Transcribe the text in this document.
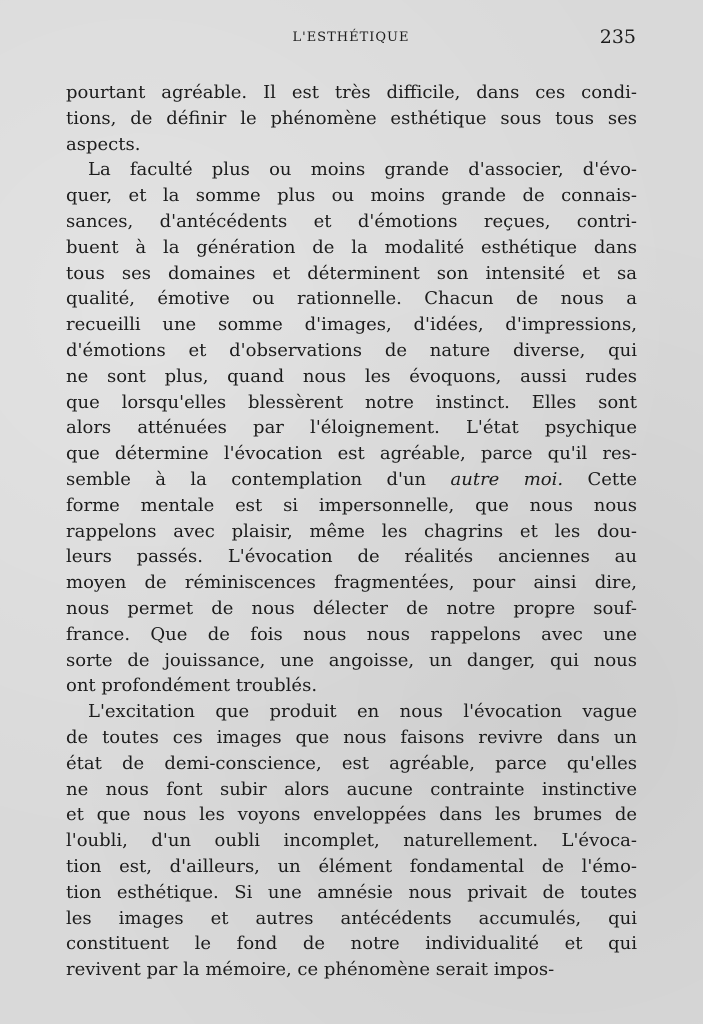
L'ESTHÉTIQUE	235
pourtant agréable. Il est très difficile, dans ces condi-
tions, de définir le phénomène esthétique sous tous ses
aspects.
La faculté plus ou moins grande d'associer, d'évo-
quer, et la somme plus ou moins grande de connais-
sances, d'antécédents et d'émotions reçues, contri-
buent à la génération de la modalité esthétique dans
tous ses domaines et déterminent son intensité et sa
qualité, émotive ou rationnelle. Chacun de nous a
recueilli une somme d'images, d'idées, d'impressions,
d'émotions et d'observations de nature diverse, qui
ne sont plus, quand nous les évoquons, aussi rudes
que lorsqu'elles blessèrent notre instinct. Elles sont
alors atténuées par l'éloignement. L'état psychique
que détermine l'évocation est agréable, parce qu'il res-
semble à la contemplation d'un autre moi. Cette
forme mentale est si impersonnelle, que nous nous
rappelons avec plaisir, même les chagrins et les dou-
leurs passés. L'évocation de réalités anciennes au
moyen de réminiscences fragmentées, pour ainsi dire,
nous permet de nous délecter de notre propre souf-
france. Que de fois nous nous rappelons avec une
sorte de jouissance, une angoisse, un danger, qui nous
ont profondément troublés.
L'excitation que produit en nous l'évocation vague
de toutes ces images que nous faisons revivre dans un
état de demi-conscience, est agréable, parce qu'elles
ne nous font subir alors aucune contrainte instinctive
et que nous les voyons enveloppées dans les brumes de
l'oubli, d'un oubli incomplet, naturellement. L'évoca-
tion est, d'ailleurs, un élément fondamental de l'émo-
tion esthétique. Si une amnésie nous privait de toutes
les images et autres antécédents accumulés, qui
constituent le fond de notre individualité et qui
revivent par la mémoire, ce phénomène serait impos-
